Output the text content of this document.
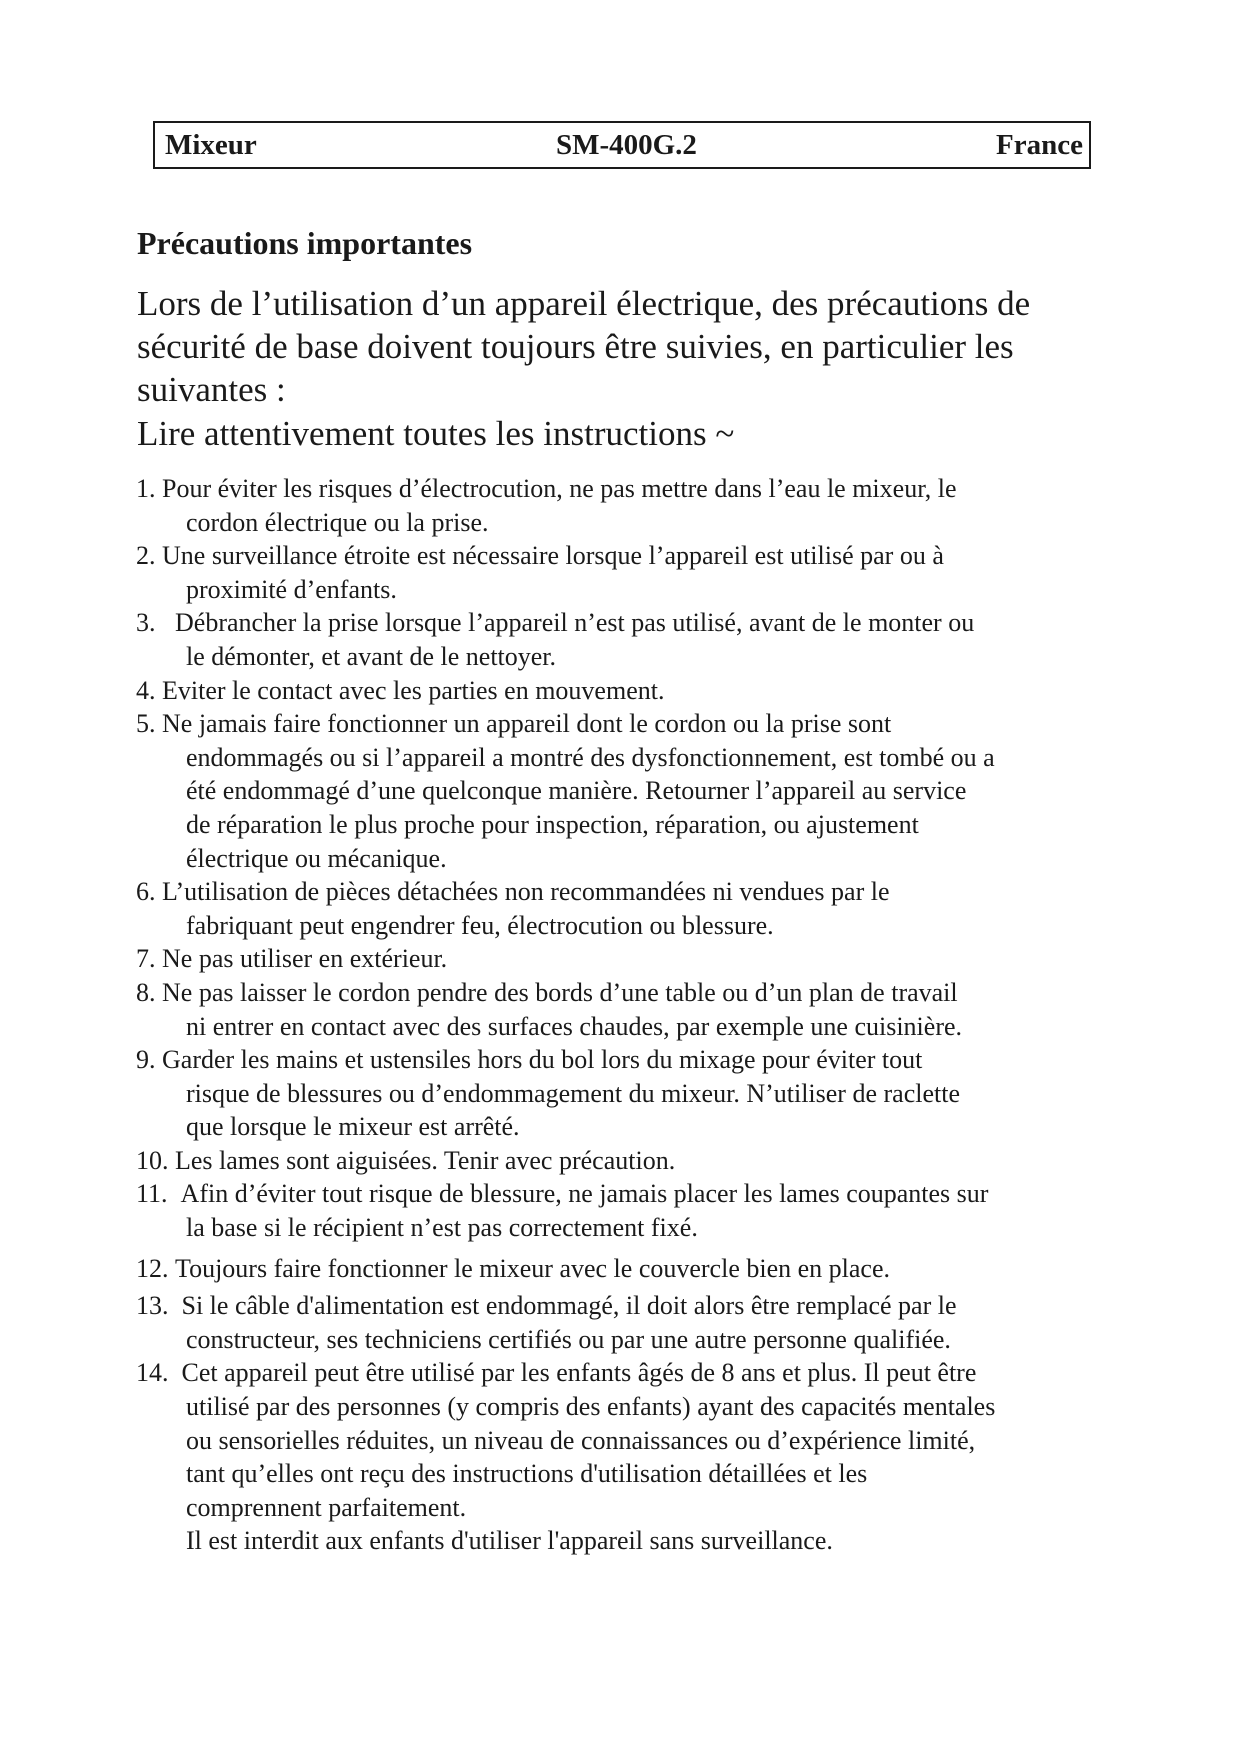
Mixeur	SM-400G.2	France
Précautions importantes
Lors de l’utilisation d’un appareil électrique, des précautions de
sécurité de base doivent toujours être suivies, en particulier les
suivantes :
Lire attentivement toutes les instructions ~
1. Pour éviter les risques d’électrocution, ne pas mettre dans l’eau le mixeur, le
cordon électrique ou la prise.
2. Une surveillance étroite est nécessaire lorsque l’appareil est utilisé par ou à
proximité d’enfants.
3. Débrancher la prise lorsque l’appareil n’est pas utilisé, avant de le monter ou
le démonter, et avant de le nettoyer.
4. Eviter le contact avec les parties en mouvement.
5. Ne jamais faire fonctionner un appareil dont le cordon ou la prise sont
endommagés ou si l’appareil a montré des dysfonctionnement, est tombé ou a
été endommagé d’une quelconque manière. Retourner l’appareil au service
de réparation le plus proche pour inspection, réparation, ou ajustement
électrique ou mécanique.
6. L’utilisation de pièces détachées non recommandées ni vendues par le
fabriquant peut engendrer feu, électrocution ou blessure.
7. Ne pas utiliser en extérieur.
8. Ne pas laisser le cordon pendre des bords d’une table ou d’un plan de travail
ni entrer en contact avec des surfaces chaudes, par exemple une cuisinière.
9. Garder les mains et ustensiles hors du bol lors du mixage pour éviter tout
risque de blessures ou d’endommagement du mixeur. N’utiliser de raclette
que lorsque le mixeur est arrêté.
10. Les lames sont aiguisées. Tenir avec précaution.
11. Afin d’éviter tout risque de blessure, ne jamais placer les lames coupantes sur
la base si le récipient n’est pas correctement fixé.
12. Toujours faire fonctionner le mixeur avec le couvercle bien en place.
13. Si le câble d'alimentation est endommagé, il doit alors être remplacé par le
constructeur, ses techniciens certifiés ou par une autre personne qualifiée.
14. Cet appareil peut être utilisé par les enfants âgés de 8 ans et plus. Il peut être
utilisé par des personnes (y compris des enfants) ayant des capacités mentales
ou sensorielles réduites, un niveau de connaissances ou d’expérience limité,
tant qu’elles ont reçu des instructions d'utilisation détaillées et les
comprennent parfaitement.
Il est interdit aux enfants d'utiliser l'appareil sans surveillance.
